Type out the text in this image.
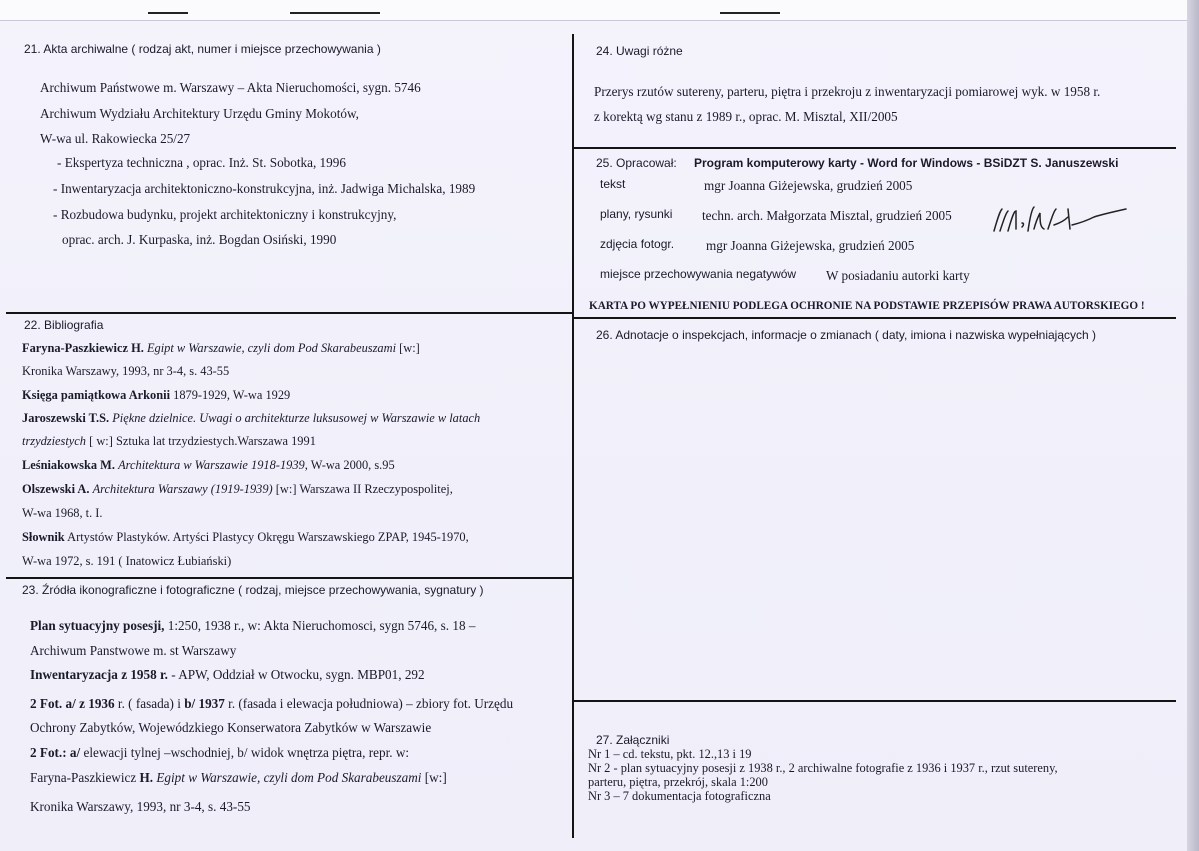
21. Akta archiwalne ( rodzaj akt, numer i miejsce przechowywania )
Archiwum Państwowe m. Warszawy – Akta Nieruchomości, sygn. 5746
Archiwum Wydziału Architektury Urzędu Gminy Mokotów,
W-wa ul. Rakowiecka 25/27
- Ekspertyza techniczna , oprac. Inż. St. Sobotka, 1996
- Inwentaryzacja architektoniczno-konstrukcyjna, inż. Jadwiga Michalska, 1989
- Rozbudowa budynku, projekt architektoniczny i konstrukcyjny,
oprac. arch. J. Kurpaska, inż. Bogdan Osiński, 1990
22. Bibliografia
Faryna-Paszkiewicz H. Egipt w Warszawie, czyli dom Pod Skarabeuszami [w:]
Kronika Warszawy, 1993, nr 3-4, s. 43-55
Księga pamiątkowa Arkonii 1879-1929, W-wa 1929
Jaroszewski T.S. Piękne dzielnice. Uwagi o architekturze luksusowej w Warszawie w latach
trzydziestych [ w:] Sztuka lat trzydziestych.Warszawa 1991
Leśniakowska M. Architektura w Warszawie 1918-1939, W-wa 2000, s.95
Olszewski A. Architektura Warszawy (1919-1939) [w:] Warszawa II Rzeczypospolitej,
W-wa 1968, t. I.
Słownik Artystów Plastyków. Artyści Plastycy Okręgu Warszawskiego ZPAP, 1945-1970,
W-wa 1972, s. 191 ( Inatowicz Łubiański)
23. Źródła ikonograficzne i fotograficzne ( rodzaj, miejsce przechowywania, sygnatury )
Plan sytuacyjny posesji, 1:250, 1938 r., w: Akta Nieruchomosci, sygn 5746, s. 18 –
Archiwum Panstwowe m. st Warszawy
Inwentaryzacja z 1958 r. - APW, Oddział w Otwocku, sygn. MBP01, 292
2 Fot. a/ z 1936 r. ( fasada) i b/ 1937 r. (fasada i elewacja południowa) – zbiory fot. Urzędu
Ochrony Zabytków, Wojewódzkiego Konserwatora Zabytków w Warszawie
2 Fot.: a/ elewacji tylnej –wschodniej, b/ widok wnętrza piętra, repr. w:
Faryna-Paszkiewicz H. Egipt w Warszawie, czyli dom Pod Skarabeuszami [w:]
Kronika Warszawy, 1993, nr 3-4, s. 43-55
24. Uwagi różne
Przerys rzutów sutereny, parteru, piętra i przekroju z inwentaryzacji pomiarowej wyk. w 1958 r.
z korektą wg stanu z 1989 r., oprac. M. Misztal, XII/2005
25. Opracował: Program komputerowy karty - Word for Windows - BSiDZT S. Januszewski
tekst	mgr Joanna Giżejewska, grudzień 2005
plany, rysunki techn. arch. Małgorzata Misztal, grudzień 2005
zdjęcia fotogr. mgr Joanna Giżejewska, grudzień 2005
miejsce przechowywania negatywów W posiadaniu autorki karty
KARTA PO WYPEŁNIENIU PODLEGA OCHRONIE NA PODSTAWIE PRZEPISÓW PRAWA AUTORSKIEGO !
26. Adnotacje o inspekcjach, informacje o zmianach ( daty, imiona i nazwiska wypełniających )
27. Załączniki
Nr 1 – cd. tekstu, pkt. 12.,13 i 19
Nr 2 - plan sytuacyjny posesji z 1938 r., 2 archiwalne fotografie z 1936 i 1937 r., rzut sutereny,
parteru, piętra, przekrój, skala 1:200
Nr 3 – 7 dokumentacja fotograficzna
